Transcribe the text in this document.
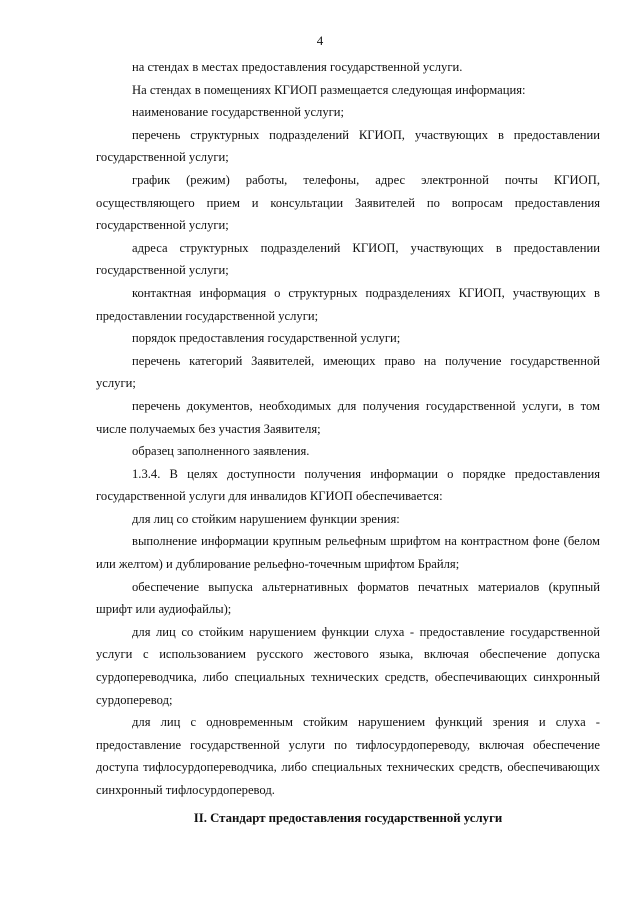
4

на стендах в местах предоставления государственной услуги.

На стендах в помещениях КГИОП размещается следующая информация:

наименование государственной услуги;

перечень структурных подразделений КГИОП, участвующих в предоставлении государственной услуги;

график (режим) работы, телефоны, адрес электронной почты КГИОП, осуществляющего прием и консультации Заявителей по вопросам предоставления государственной услуги;

адреса структурных подразделений КГИОП, участвующих в предоставлении государственной услуги;

контактная информация о структурных подразделениях КГИОП, участвующих в предоставлении государственной услуги;

порядок предоставления государственной услуги;

перечень категорий Заявителей, имеющих право на получение государственной услуги;

перечень документов, необходимых для получения государственной услуги, в том числе получаемых без участия Заявителя;

образец заполненного заявления.

1.3.4. В целях доступности получения информации о порядке предоставления государственной услуги для инвалидов КГИОП обеспечивается:

для лиц со стойким нарушением функции зрения:

выполнение информации крупным рельефным шрифтом на контрастном фоне (белом или желтом) и дублирование рельефно-точечным шрифтом Брайля;

обеспечение выпуска альтернативных форматов печатных материалов (крупный шрифт или аудиофайлы);

для лиц со стойким нарушением функции слуха - предоставление государственной услуги с использованием русского жестового языка, включая обеспечение допуска сурдопереводчика, либо специальных технических средств, обеспечивающих синхронный сурдоперевод;

для лиц с одновременным стойким нарушением функций зрения и слуха - предоставление государственной услуги по тифлосурдопереводу, включая обеспечение доступа тифлосурдопереводчика, либо специальных технических средств, обеспечивающих синхронный тифлосурдоперевод.

II. Стандарт предоставления государственной услуги
